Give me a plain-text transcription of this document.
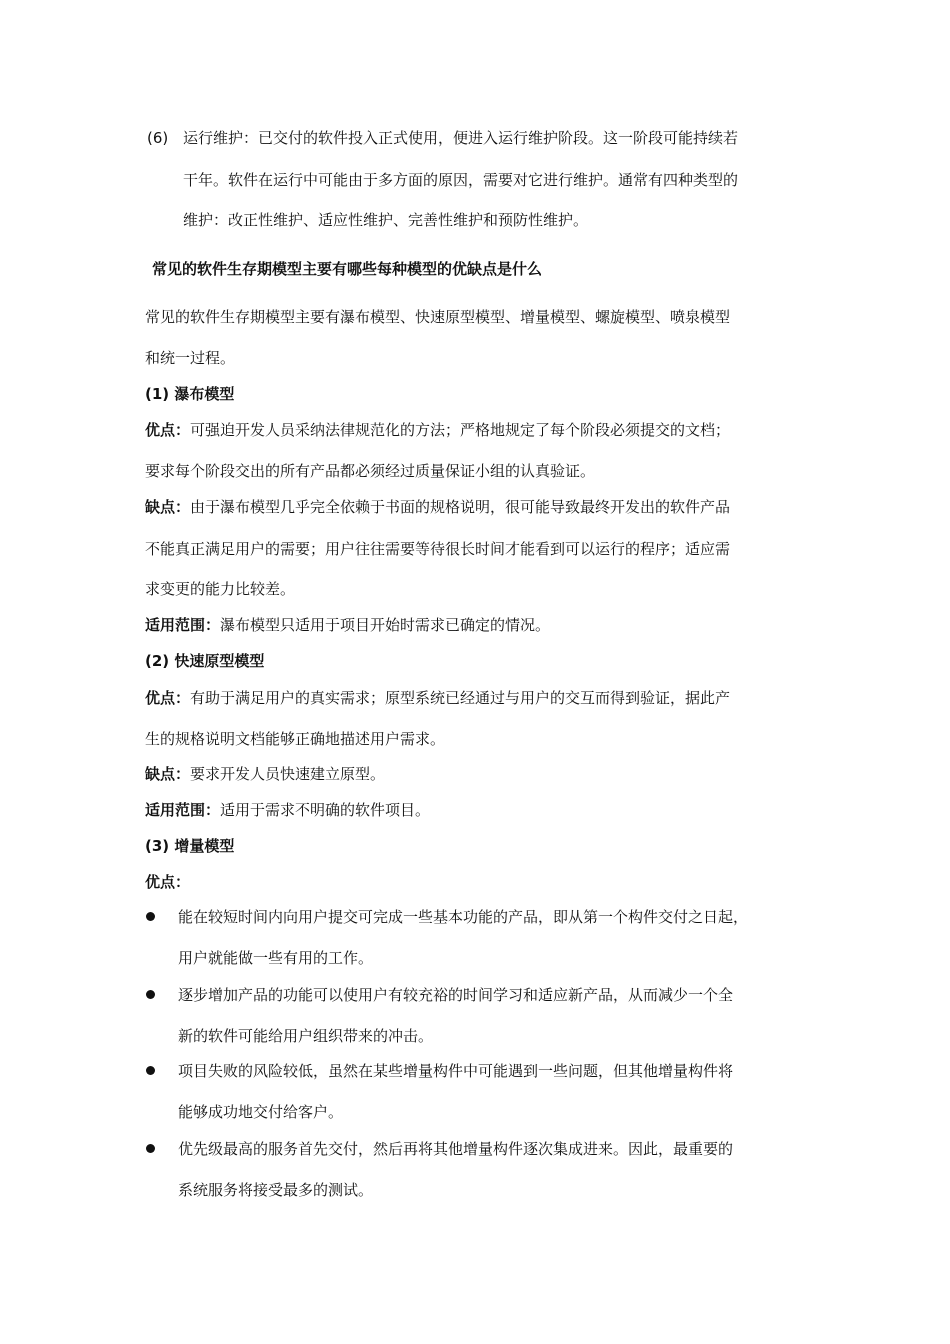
(6) 运行维护：已交付的软件投入正式使用，便进入运行维护阶段。这一阶段可能持续若
干年。软件在运行中可能由于多方面的原因，需要对它进行维护。通常有四种类型的
维护：改正性维护、适应性维护、完善性维护和预防性维护。
常见的软件生存期模型主要有哪些每种模型的优缺点是什么
常见的软件生存期模型主要有瀑布模型、快速原型模型、增量模型、螺旋模型、喷泉模型
和统一过程。
(1) 瀑布模型
优点：可强迫开发人员采纳法律规范化的方法；严格地规定了每个阶段必须提交的文档；
要求每个阶段交出的所有产品都必须经过质量保证小组的认真验证。
缺点：由于瀑布模型几乎完全依赖于书面的规格说明，很可能导致最终开发出的软件产品
不能真正满足用户的需要；用户往往需要等待很长时间才能看到可以运行的程序；适应需
求变更的能力比较差。
适用范围：瀑布模型只适用于项目开始时需求已确定的情况。
(2) 快速原型模型
优点：有助于满足用户的真实需求；原型系统已经通过与用户的交互而得到验证，据此产
生的规格说明文档能够正确地描述用户需求。
缺点：要求开发人员快速建立原型。
适用范围：适用于需求不明确的软件项目。
(3) 增量模型
优点：
能在较短时间内向用户提交可完成一些基本功能的产品，即从第一个构件交付之日起，
用户就能做一些有用的工作。
逐步增加产品的功能可以使用户有较充裕的时间学习和适应新产品，从而减少一个全
新的软件可能给用户组织带来的冲击。
项目失败的风险较低，虽然在某些增量构件中可能遇到一些问题，但其他增量构件将
能够成功地交付给客户。
优先级最高的服务首先交付，然后再将其他增量构件逐次集成进来。因此，最重要的
系统服务将接受最多的测试。
